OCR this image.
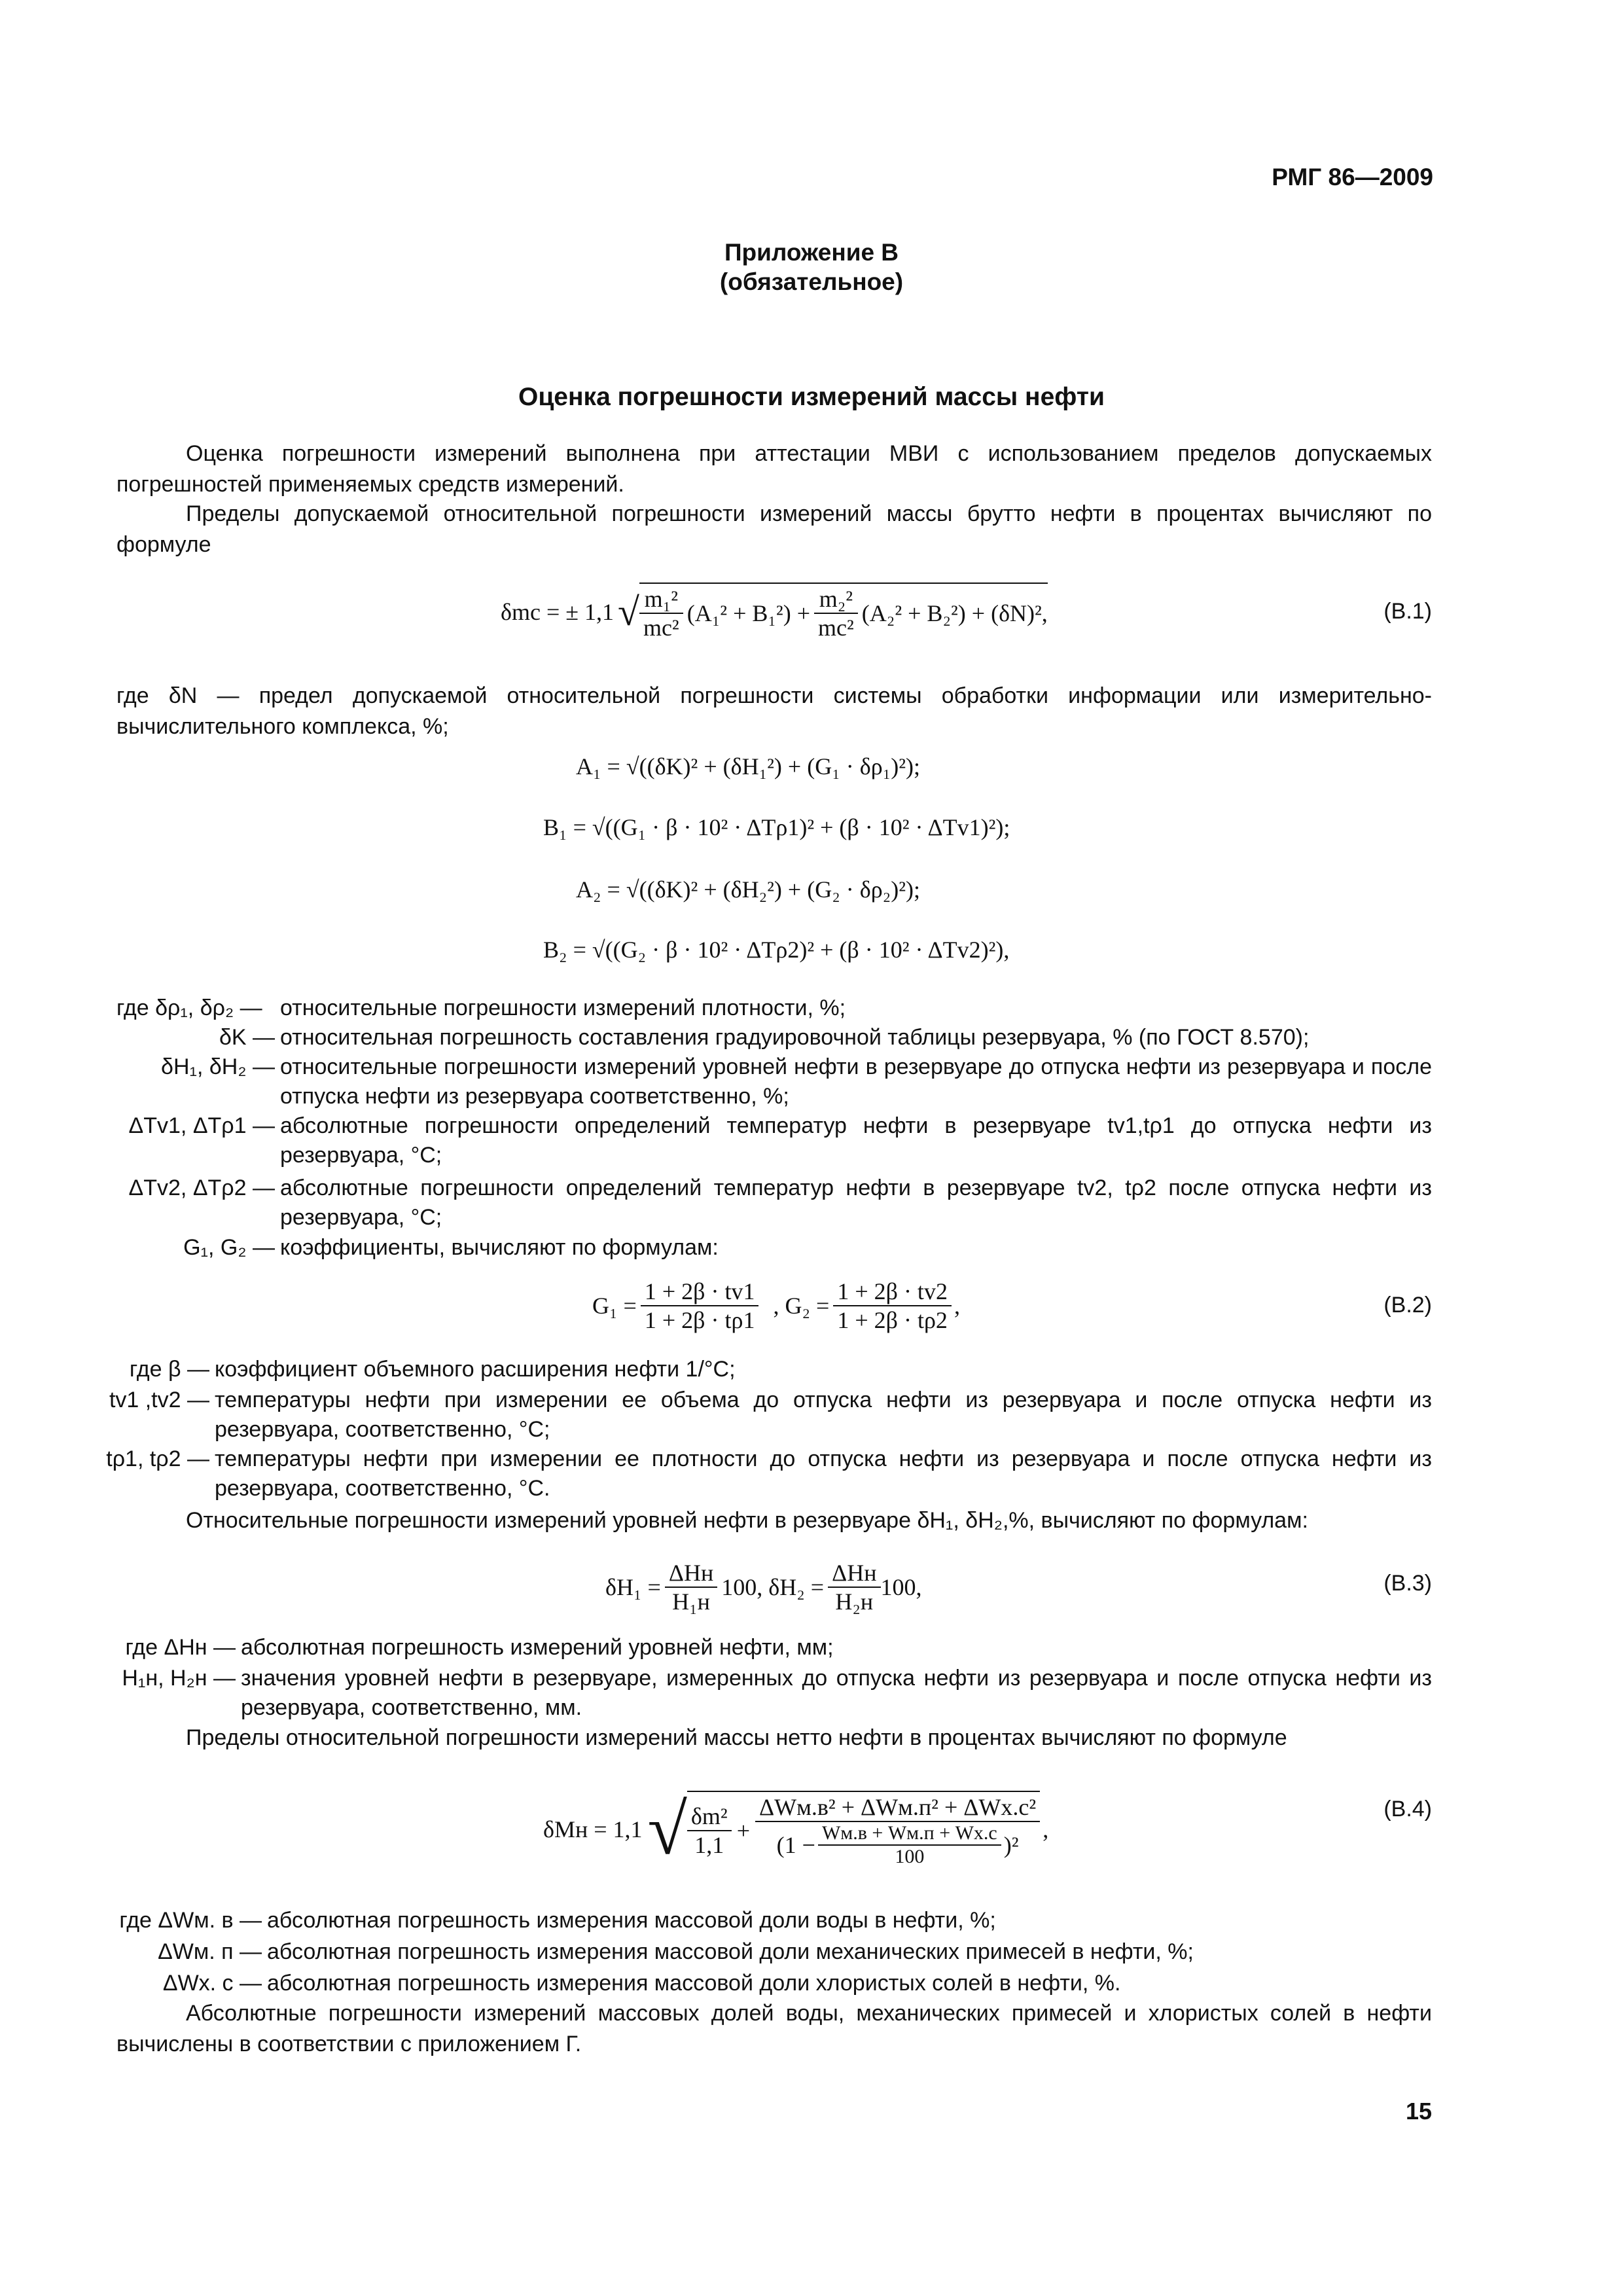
РМГ 86—2009
Приложение В
(обязательное)
Оценка погрешности измерений массы нефти
Оценка погрешности измерений выполнена при аттестации МВИ с использованием пределов допускаемых погрешностей применяемых средств измерений.
Пределы допускаемой относительной погрешности измерений массы брутто нефти в процентах вычисляют по формуле
δmс = ± 1,1 √ $\frac{\text{m₁²}}{\text{mс²}} (A_1^2 + B_1^2) + \frac{\text{m₂²}}{\text{mс²}} (A_2^2 + B_2^2) + (\delta N)^2$,	(В.1)
где δN — предел допускаемой относительной погрешности системы обработки информации или измерительно-вычислительного комплекса, %;
A₁ = √((δK)² + (δH₁²) + (G₁ · δρ₁)²);
B₁ = √((G₁ · β · 10² · ΔTρ1)² + (β · 10² · ΔTv1)²);
A₂ = √((δK)² + (δH₂²) + (G₂ · δρ₂)²);
B₂ = √((G₂ · β · 10² · ΔTρ2)² + (β · 10² · ΔTv2)²),
где δρ₁, δρ₂ — относительные погрешности измерений плотности, %;
δK — относительная погрешность составления градуировочной таблицы резервуара, % (по ГОСТ 8.570);
δH₁, δH₂ — относительные погрешности измерений уровней нефти в резервуаре до отпуска нефти из резервуара и после отпуска нефти из резервуара соответственно, %;
ΔTv1, ΔTρ1 — абсолютные погрешности определений температур нефти в резервуаре tv1,tρ1 до отпуска нефти из резервуара, °C;
ΔTv2, ΔTρ2 — абсолютные погрешности определений температур нефти в резервуаре tv2, tρ2 после отпуска нефти из резервуара, °C;
G₁, G₂ — коэффициенты, вычисляют по формулам:
$G_1 = \frac{1 + 2\beta \cdot tv1}{1 + 2\beta \cdot t\rho 1}$ , $G_2 = \frac{1 + 2\beta \cdot tv2}{1 + 2\beta \cdot t\rho 2}$ ,	(В.2)
где β — коэффициент объемного расширения нефти 1/°C;
tv1 ,tv2 — температуры нефти при измерении ее объема до отпуска нефти из резервуара и после отпуска нефти из резервуара, соответственно, °C;
tρ1, tρ2 — температуры нефти при измерении ее плотности до отпуска нефти из резервуара и после отпуска нефти из резервуара, соответственно, °C.
Относительные погрешности измерений уровней нефти в резервуаре δH₁, δH₂,%, вычисляют по формулам:
$\delta H_1 = \frac{\text{ΔHн}}{\text{H₁н}} 100$, $\delta H_2 = \frac{\text{ΔHн}}{\text{H₂н}} 100$,	(В.3)
где ΔHн — абсолютная погрешность измерений уровней нефти, мм;
H₁н, H₂н — значения уровней нефти в резервуаре, измеренных до отпуска нефти из резервуара и после отпуска нефти из резервуара, соответственно, мм.
Пределы относительной погрешности измерений массы нетто нефти в процентах вычисляют по формуле
δMн = 1,1 √ $\frac{\text{δm²}}{1,1} + \frac{\text{ΔWм.в² + ΔWм.п² + ΔWх.с²}}{(1 - \frac{Wм.в + Wм.п + Wх.с}{100} )^2}$ ,
(В.4)
где ΔWм. в — абсолютная погрешность измерения массовой доли воды в нефти, %;
ΔWм. п — абсолютная погрешность измерения массовой доли механических примесей в нефти, %;
ΔWх. с — абсолютная погрешность измерения массовой доли хлористых солей в нефти, %.
Абсолютные погрешности измерений массовых долей воды, механических примесей и хлористых солей в нефти вычислены в соответствии с приложением Г.
15
